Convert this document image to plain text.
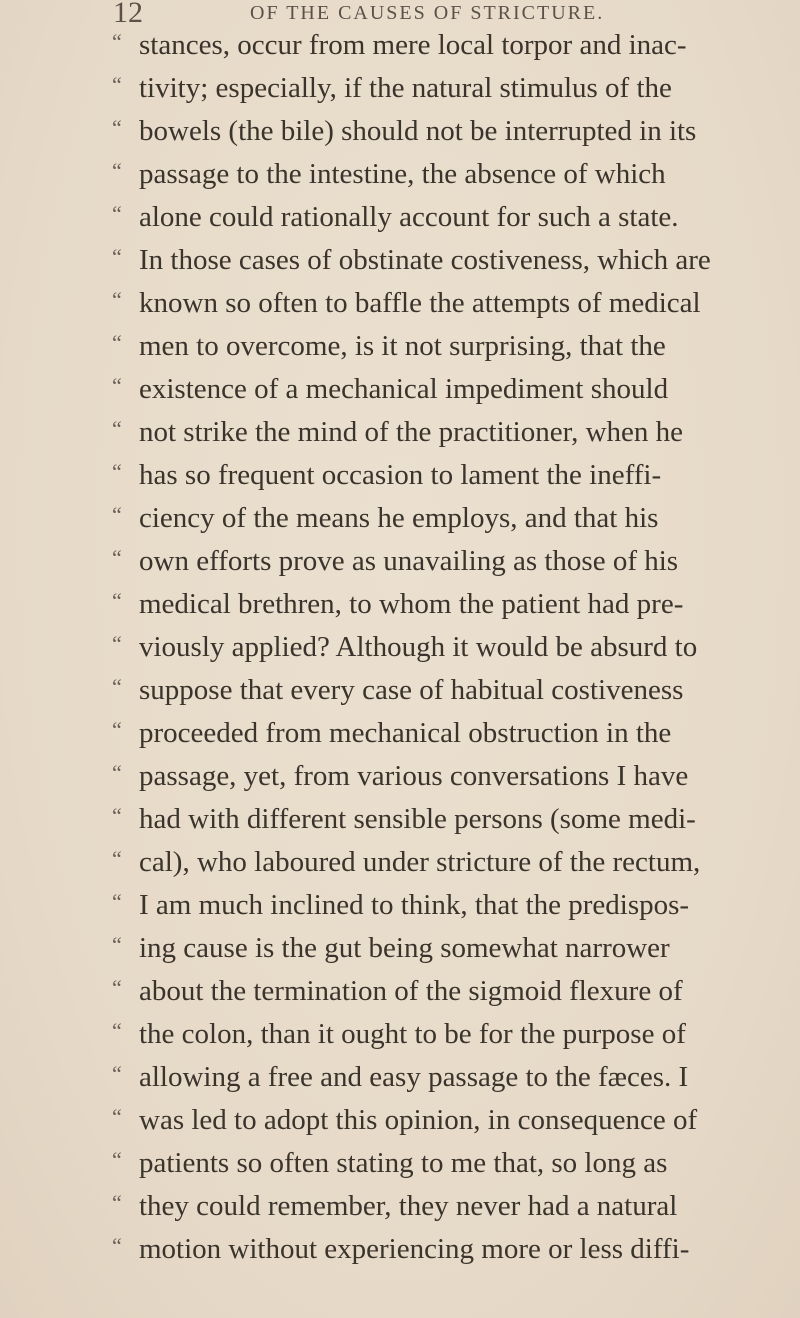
12	OF THE CAUSES OF STRICTURE.
“ stances, occur from mere local torpor and inac-
“ tivity; especially, if the natural stimulus of the
“ bowels (the bile) should not be interrupted in its
“ passage to the intestine, the absence of which
“ alone could rationally account for such a state.
“ In those cases of obstinate costiveness, which are
“ known so often to baffle the attempts of medical
“ men to overcome, is it not surprising, that the
“ existence of a mechanical impediment should
“ not strike the mind of the practitioner, when he
“ has so frequent occasion to lament the ineffi-
“ ciency of the means he employs, and that his
“ own efforts prove as unavailing as those of his
“ medical brethren, to whom the patient had pre-
“ viously applied? Although it would be absurd to
“ suppose that every case of habitual costiveness
“ proceeded from mechanical obstruction in the
“ passage, yet, from various conversations I have
“ had with different sensible persons (some medi-
“ cal), who laboured under stricture of the rectum,
“ I am much inclined to think, that the predispos-
“ ing cause is the gut being somewhat narrower
“ about the termination of the sigmoid flexure of
“ the colon, than it ought to be for the purpose of
“ allowing a free and easy passage to the fæces. I
“ was led to adopt this opinion, in consequence of
“ patients so often stating to me that, so long as
“ they could remember, they never had a natural
“ motion without experiencing more or less diffi-
